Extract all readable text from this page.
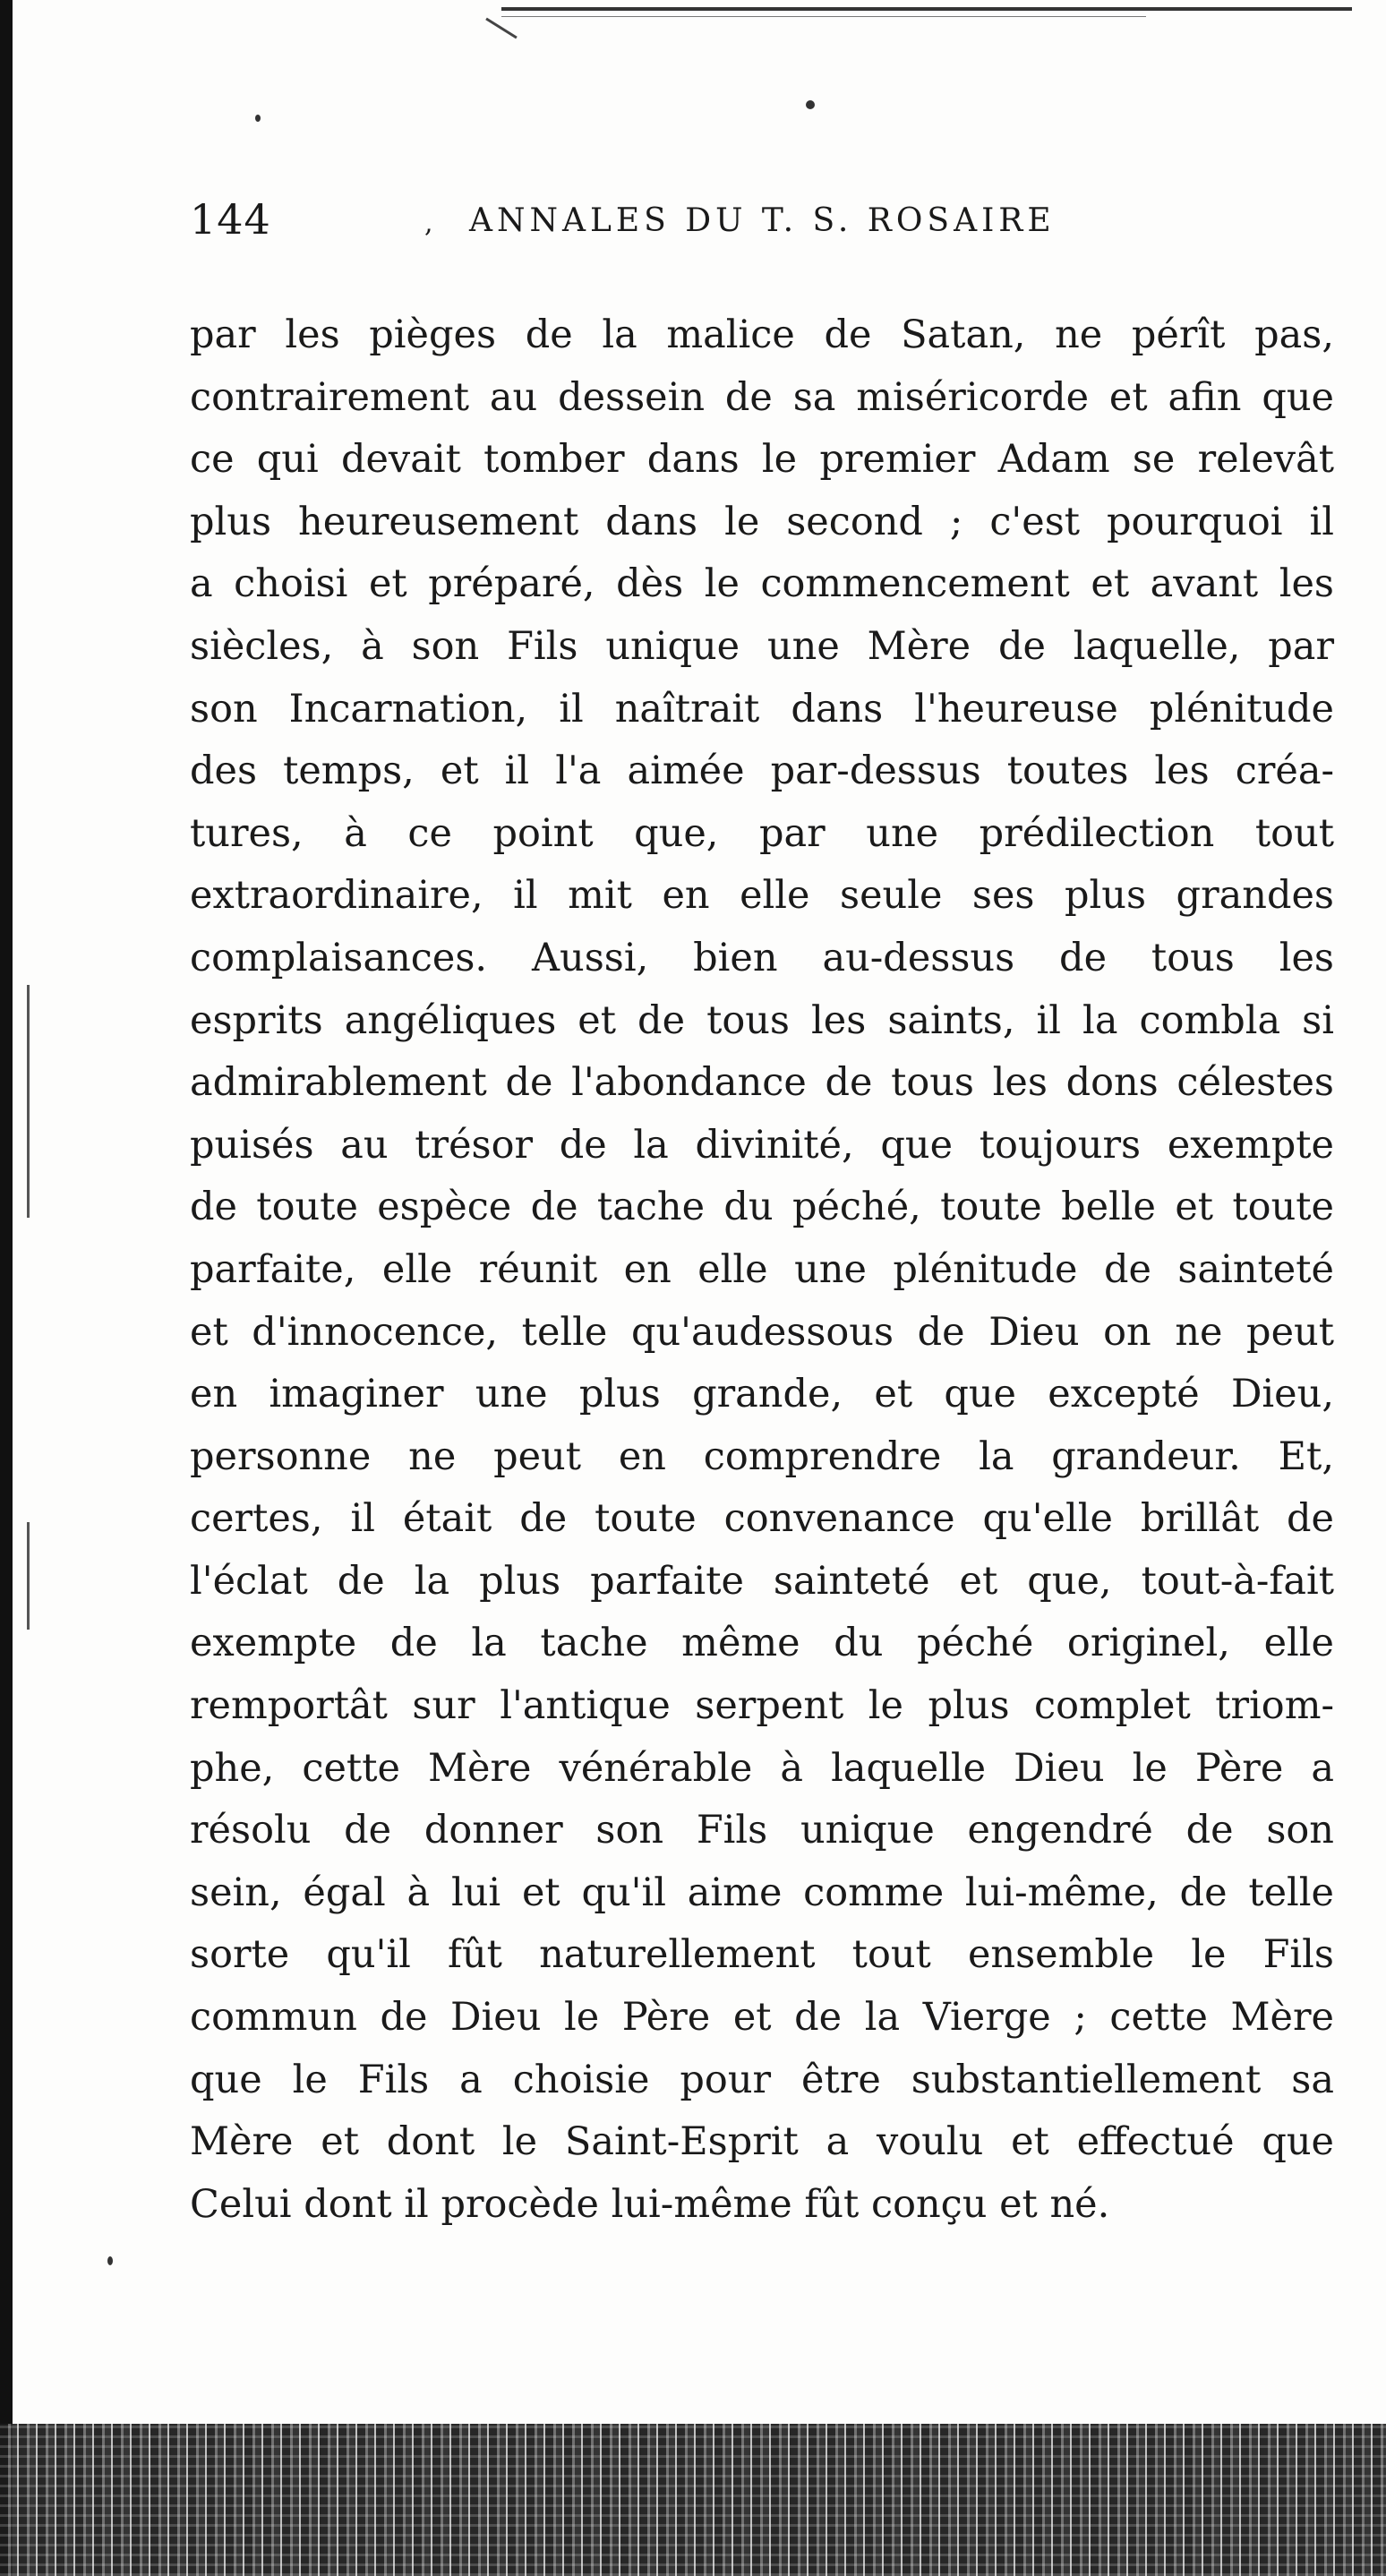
144	, ANNALES DU T. S. ROSAIRE
par les pièges de la malice de Satan, ne pérît pas,
contrairement au dessein de sa miséricorde et afin que
ce qui devait tomber dans le premier Adam se relevât
plus heureusement dans le second ; c'est pourquoi il
a choisi et préparé, dès le commencement et avant les
siècles, à son Fils unique une Mère de laquelle, par
son Incarnation, il naîtrait dans l'heureuse plénitude
des temps, et il l'a aimée par-dessus toutes les créa-
tures, à ce point que, par une prédilection tout
extraordinaire, il mit en elle seule ses plus grandes
complaisances. Aussi, bien au-dessus de tous les
esprits angéliques et de tous les saints, il la combla si
admirablement de l'abondance de tous les dons célestes
puisés au trésor de la divinité, que toujours exempte
de toute espèce de tache du péché, toute belle et toute
parfaite, elle réunit en elle une plénitude de sainteté
et d'innocence, telle qu'audessous de Dieu on ne peut
en imaginer une plus grande, et que excepté Dieu,
personne ne peut en comprendre la grandeur. Et,
certes, il était de toute convenance qu'elle brillât de
l'éclat de la plus parfaite sainteté et que, tout-à-fait
exempte de la tache même du péché originel, elle
remportât sur l'antique serpent le plus complet triom-
phe, cette Mère vénérable à laquelle Dieu le Père a
résolu de donner son Fils unique engendré de son
sein, égal à lui et qu'il aime comme lui-même, de telle
sorte qu'il fût naturellement tout ensemble le Fils
commun de Dieu le Père et de la Vierge ; cette Mère
que le Fils a choisie pour être substantiellement sa
Mère et dont le Saint-Esprit a voulu et effectué que
Celui dont il procède lui-même fût conçu et né.
